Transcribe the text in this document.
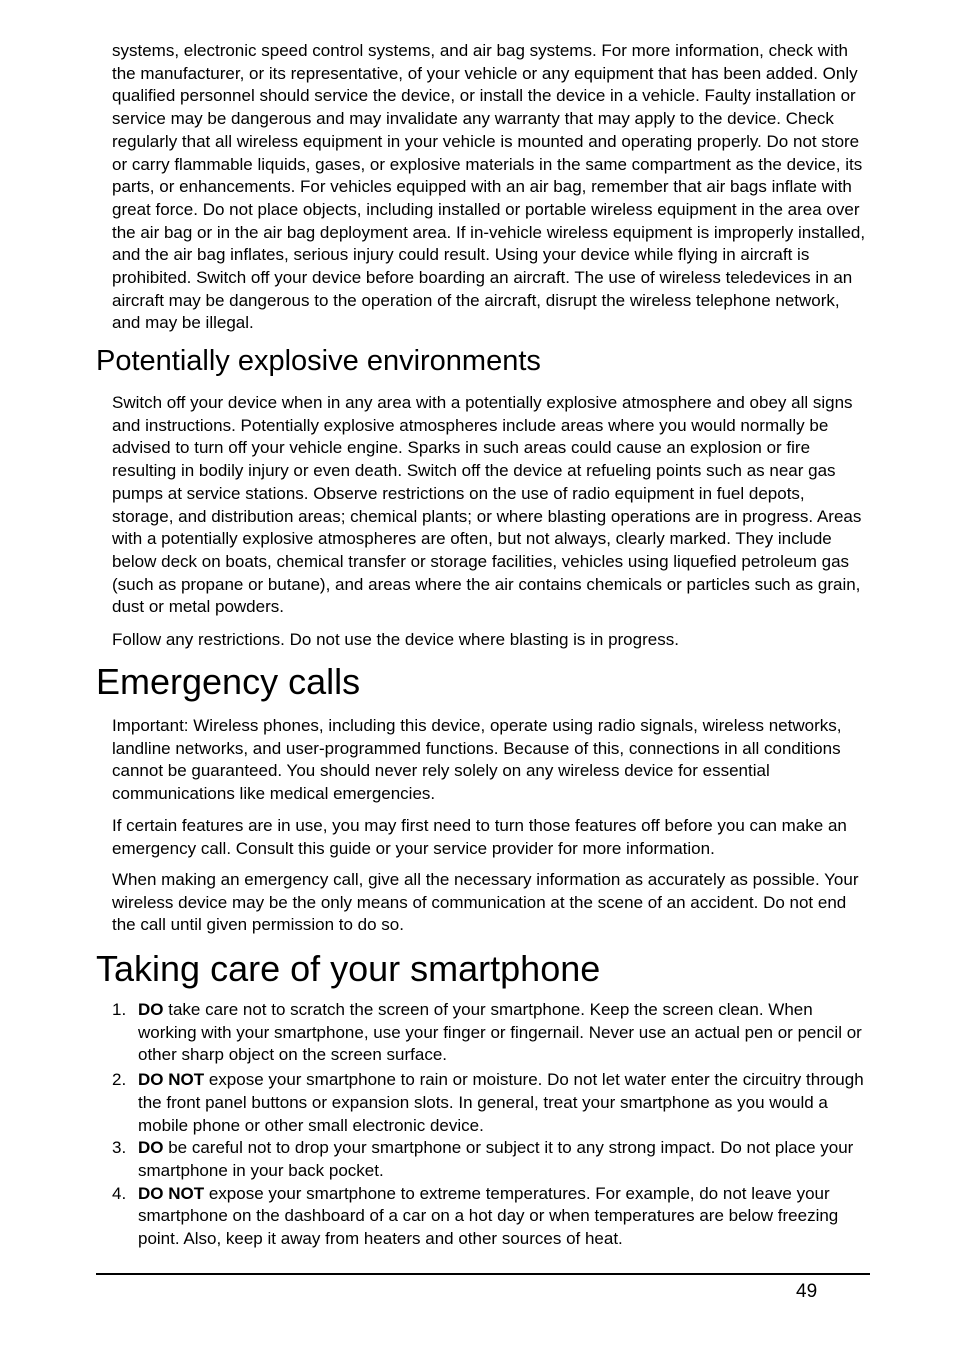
systems, electronic speed control systems, and air bag systems. For more information, check with the manufacturer, or its representative, of your vehicle or any equipment that has been added. Only qualified personnel should service the device, or install the device in a vehicle. Faulty installation or service may be dangerous and may invalidate any warranty that may apply to the device. Check regularly that all wireless equipment in your vehicle is mounted and operating properly. Do not store or carry flammable liquids, gases, or explosive materials in the same compartment as the device, its parts, or enhancements. For vehicles equipped with an air bag, remember that air bags inflate with great force. Do not place objects, including installed or portable wireless equipment in the area over the air bag or in the air bag deployment area. If in-vehicle wireless equipment is improperly installed, and the air bag inflates, serious injury could result. Using your device while flying in aircraft is prohibited. Switch off your device before boarding an aircraft. The use of wireless teledevices in an aircraft may be dangerous to the operation of the aircraft, disrupt the wireless telephone network, and may be illegal.

Potentially explosive environments

Switch off your device when in any area with a potentially explosive atmosphere and obey all signs and instructions. Potentially explosive atmospheres include areas where you would normally be advised to turn off your vehicle engine. Sparks in such areas could cause an explosion or fire resulting in bodily injury or even death. Switch off the device at refueling points such as near gas pumps at service stations. Observe restrictions on the use of radio equipment in fuel depots, storage, and distribution areas; chemical plants; or where blasting operations are in progress. Areas with a potentially explosive atmospheres are often, but not always, clearly marked. They include below deck on boats, chemical transfer or storage facilities, vehicles using liquefied petroleum gas (such as propane or butane), and areas where the air contains chemicals or particles such as grain, dust or metal powders.

Follow any restrictions. Do not use the device where blasting is in progress.

Emergency calls

Important: Wireless phones, including this device, operate using radio signals, wireless networks, landline networks, and user-programmed functions. Because of this, connections in all conditions cannot be guaranteed. You should never rely solely on any wireless device for essential communications like medical emergencies.

If certain features are in use, you may first need to turn those features off before you can make an emergency call. Consult this guide or your service provider for more information.

When making an emergency call, give all the necessary information as accurately as possible. Your wireless device may be the only means of communication at the scene of an accident. Do not end the call until given permission to do so.

Taking care of your smartphone
1. DO take care not to scratch the screen of your smartphone. Keep the screen clean. When working with your smartphone, use your finger or fingernail. Never use an actual pen or pencil or other sharp object on the screen surface.
2. DO NOT expose your smartphone to rain or moisture. Do not let water enter the circuitry through the front panel buttons or expansion slots. In general, treat your smartphone as you would a mobile phone or other small electronic device.
3. DO be careful not to drop your smartphone or subject it to any strong impact. Do not place your smartphone in your back pocket.
4. DO NOT expose your smartphone to extreme temperatures. For example, do not leave your smartphone on the dashboard of a car on a hot day or when temperatures are below freezing point. Also, keep it away from heaters and other sources of heat.
49
